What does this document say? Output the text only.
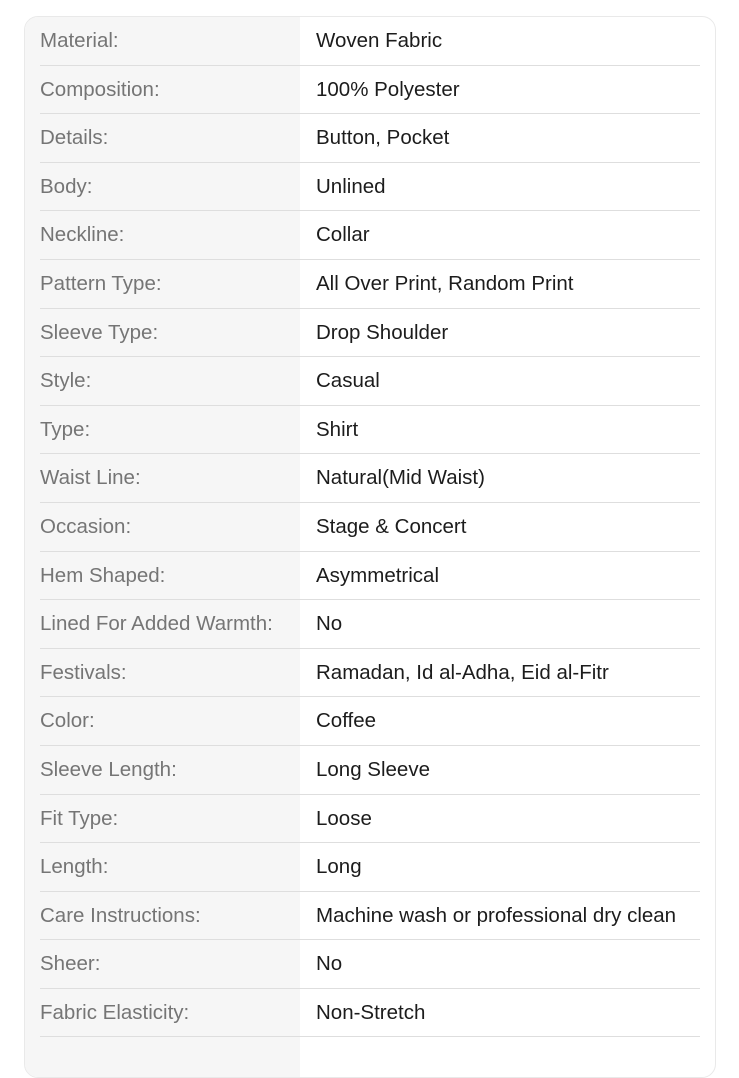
Material:	Woven Fabric
Composition:	100% Polyester
Details:	Button, Pocket
Body:	Unlined
Neckline:	Collar
Pattern Type:	All Over Print, Random Print
Sleeve Type:	Drop Shoulder
Style:	Casual
Type:	Shirt
Waist Line:	Natural(Mid Waist)
Occasion:	Stage & Concert
Hem Shaped:	Asymmetrical
Lined For Added Warmth: No
Festivals:	Ramadan, Id al-Adha, Eid al-Fitr
Color:	Coffee
Sleeve Length:	Long Sleeve
Fit Type:	Loose
Length:	Long
Care Instructions:	Machine wash or professional dry clean
Sheer:	No
Fabric Elasticity:	Non-Stretch
